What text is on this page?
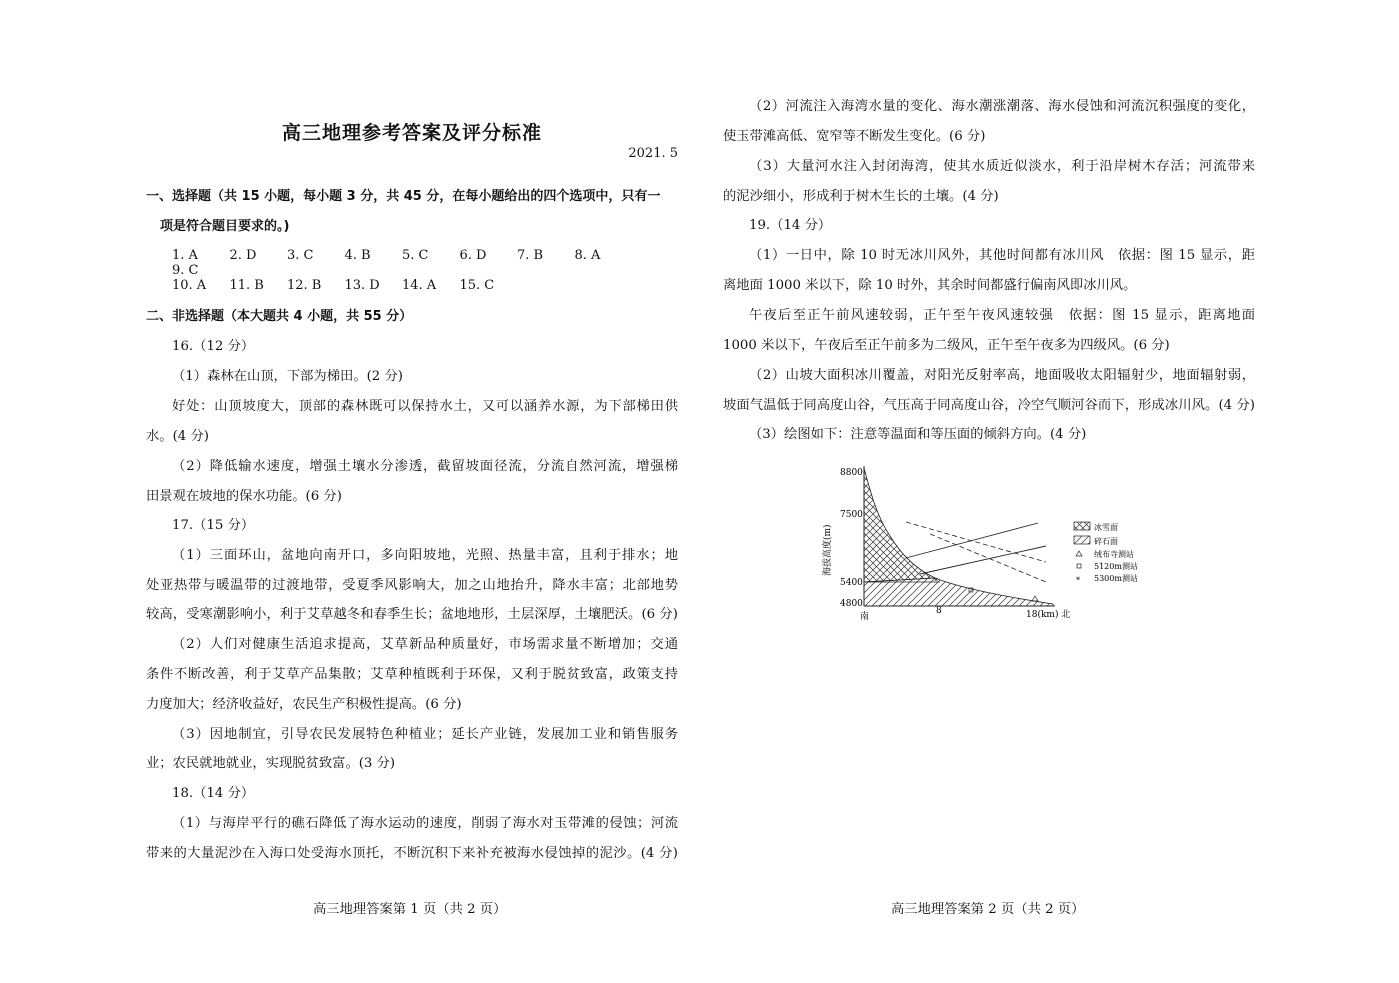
高三地理参考答案及评分标准
2021. 5
一、选择题（共 15 小题，每小题 3 分，共 45 分，在每小题给出的四个选项中，只有一
项是符合题目要求的。)
1. A 2. D 3. C 4. B 5. C 6. D 7. B 8. A9. C
10. A 11. B 12. B 13. D 14. A 15. C
二、非选择题（本大题共 4 小题，共 55 分）
16.（12 分）
（1）森林在山顶，下部为梯田。(2 分)
好处：山顶坡度大，顶部的森林既可以保持水土，又可以涵养水源，为下部梯田供
水。(4 分)
（2）降低输水速度，增强土壤水分渗透，截留坡面径流，分流自然河流，增强梯
田景观在坡地的保水功能。(6 分)
17.（15 分）
（1）三面环山，盆地向南开口，多向阳坡地，光照、热量丰富，且利于排水；地
处亚热带与暖温带的过渡地带，受夏季风影响大，加之山地抬升，降水丰富；北部地势
较高，受寒潮影响小，利于艾草越冬和春季生长；盆地地形，土层深厚，土壤肥沃。(6 分)
（2）人们对健康生活追求提高，艾草新品种质量好，市场需求量不断增加；交通
条件不断改善，利于艾草产品集散；艾草种植既利于环保，又利于脱贫致富，政策支持
力度加大；经济收益好，农民生产积极性提高。(6 分)
（3）因地制宜，引导农民发展特色种植业；延长产业链，发展加工业和销售服务
业；农民就地就业，实现脱贫致富。(3 分)
18.（14 分）
（1）与海岸平行的礁石降低了海水运动的速度，削弱了海水对玉带滩的侵蚀；河流
带来的大量泥沙在入海口处受海水顶托，不断沉积下来补充被海水侵蚀掉的泥沙。(4 分)
高三地理答案第 1 页（共 2 页）
（2）河流注入海湾水量的变化、海水潮涨潮落、海水侵蚀和河流沉积强度的变化，
使玉带滩高低、宽窄等不断发生变化。(6 分)
（3）大量河水注入封闭海湾，使其水质近似淡水，利于沿岸树木存活；河流带来
的泥沙细小，形成利于树木生长的土壤。(4 分)
19.（14 分）
（1）一日中，除 10 时无冰川风外，其他时间都有冰川风　依据：图 15 显示，距
离地面 1000 米以下，除 10 时外，其余时间都盛行偏南风即冰川风。
午夜后至正午前风速较弱，正午至午夜风速较强　依据：图 15 显示，距离地面
1000 米以下，午夜后至正午前多为二级风，正午至午夜多为四级风。(6 分)
（2）山坡大面积冰川覆盖，对阳光反射率高，地面吸收太阳辐射少，地面辐射弱，
坡面气温低于同高度山谷，气压高于同高度山谷，冷空气顺河谷而下，形成冰川风。(4 分)
（3）绘图如下：注意等温面和等压面的倾斜方向。(4 分)
高三地理答案第 2 页（共 2 页）
*
8800
7500
5400
4800
海拔高度(m)
南
8	18(km) 北
冰雪面
碎石面
绒布寺测站
5120m测站
* 5300m测站
